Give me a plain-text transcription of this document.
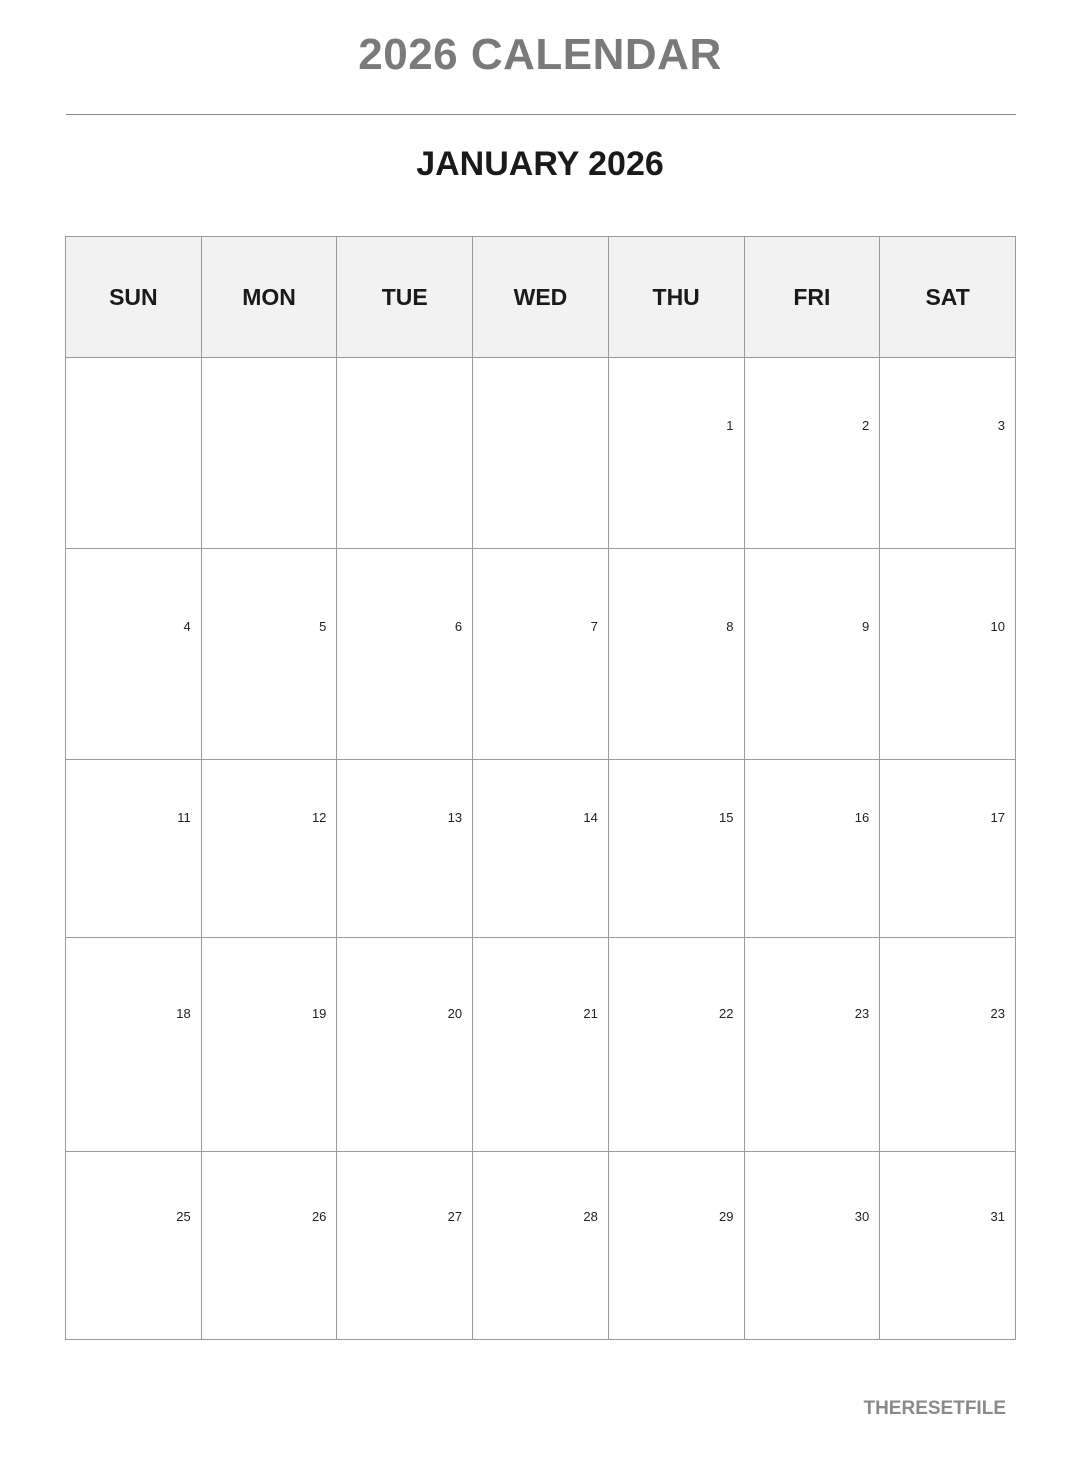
2026 CALENDAR
JANUARY 2026
SUN	MON	TUE	WED	THU	FRI	SAT
				1	2	3
4	5	6	7	8	9	10
11	12	13	14	15	16	17
18	19	20	21	22	23	23
25	26	27	28	29	30	31
THERESETFILE
